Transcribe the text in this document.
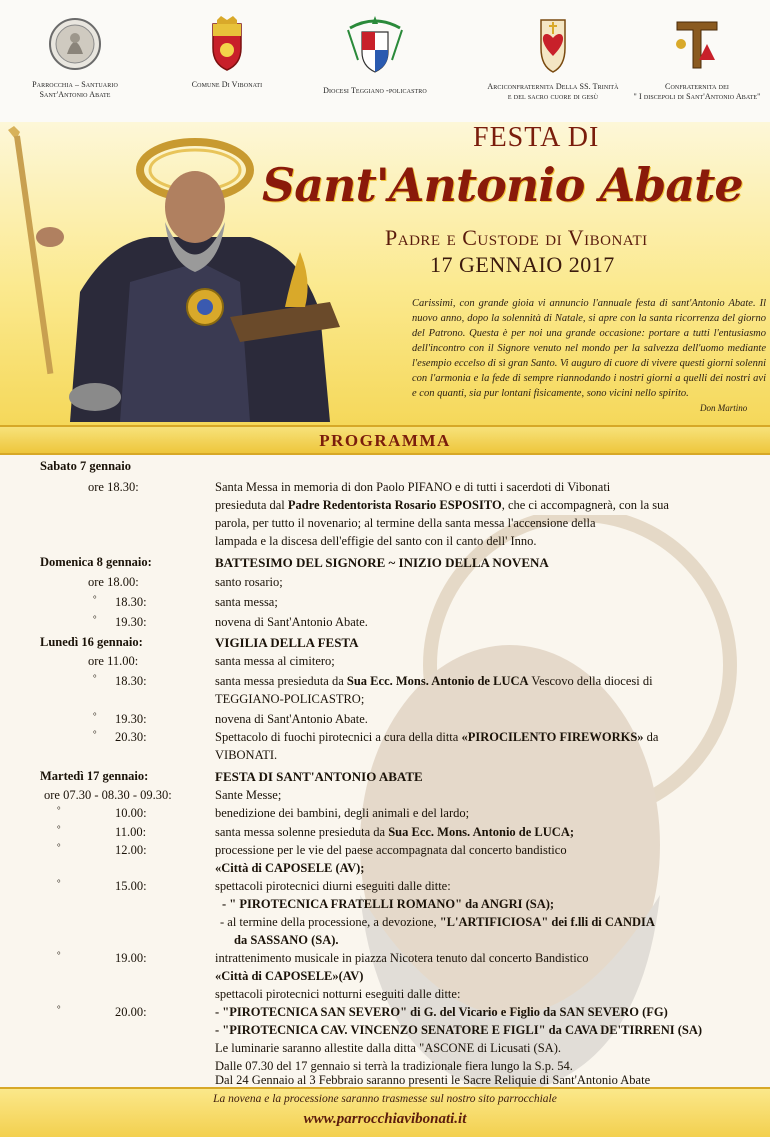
Parrocchia – Santuario
Sant'Antonio Abate
Comune Di Vibonati
Diocesi Teggiano -policastro	Arciconfraternita Della SS. Trinità
e del sacro cuore di gesù
Confraternita dei
" I discepoli di Sant'Antonio Abate"
FESTA DI
Sant'Antonio Abate
Padre e Custode di Vibonati
17 GENNAIO 2017
Carissimi, con grande gioia vi annuncio l'annuale festa di sant'Antonio Abate. Il nuovo anno, dopo la solennità di Natale, si apre con la santa ricorrenza del giorno del Patrono. Questa è per noi una grande occasione: portare a tutti l'entusiasmo dell'incontro con il Signore venuto nel mondo per la salvezza dell'uomo mediante l'esempio eccelso di sì gran Santo. Vi auguro di cuore di vivere questi giorni solenni con l'armonia e la fede di sempre riannodando i nostri giorni a quelli dei nostri avi e con quanti, sia pur lontani fisicamente, sono vicini nello spirito.
Don Martino
PROGRAMMA
Sabato 7 gennaio
ore 18.30:	Santa Messa in memoria di don Paolo PIFANO e di tutti i sacerdoti di Vibonati
presieduta dal Padre Redentorista Rosario ESPOSITO, che ci accompagnerà, con la sua
parola, per tutto il novenario; al termine della santa messa l'accensione della
lampada e la discesa dell'effigie del santo con il canto dell' Inno.
Domenica 8 gennaio:	BATTESIMO DEL SIGNORE ~ INIZIO DELLA NOVENA
ore 18.00:	santo rosario;
° 18.30:	santa messa;
° 19.30:	novena di Sant'Antonio Abate.
Lunedì 16 gennaio:	VIGILIA DELLA FESTA
ore 11.00:	santa messa al cimitero;
° 18.30:	santa messa presieduta da Sua Ecc. Mons. Antonio de LUCA Vescovo della diocesi di
TEGGIANO-POLICASTRO;
° 19.30:	novena di Sant'Antonio Abate.
° 20.30:	Spettacolo di fuochi pirotecnici a cura della ditta «PIROCILENTO FIREWORKS» da
VIBONATI.
Martedì 17 gennaio:	FESTA DI SANT'ANTONIO ABATE
ore 07.30 - 08.30 - 09.30:	Sante Messe;
°	10.00:	benedizione dei bambini, degli animali e del lardo;
°	11.00:	santa messa solenne presieduta da Sua Ecc. Mons. Antonio de LUCA;
°	12.00:	processione per le vie del paese accompagnata dal concerto bandistico
«Città di CAPOSELE (AV);
°	15.00:	spettacoli pirotecnici diurni eseguiti dalle ditte:
- " PIROTECNICA FRATELLI ROMANO" da ANGRI (SA);
- al termine della processione, a devozione, "L'ARTIFICIOSA" dei f.lli di CANDIA
da SASSANO (SA).
°	19.00:	intrattenimento musicale in piazza Nicotera tenuto dal concerto Bandistico
«Città di CAPOSELE»(AV)
spettacoli pirotecnici notturni eseguiti dalle ditte:
°	20.00:	- "PIROTECNICA SAN SEVERO" di G. del Vicario e Figlio da SAN SEVERO (FG)
- "PIROTECNICA CAV. VINCENZO SENATORE E FIGLI" da CAVA DE'TIRRENI (SA)
Le luminarie saranno allestite dalla ditta "ASCONE di Licusati (SA).
Dalle 07.30 del 17 gennaio si terrà la tradizionale fiera lungo la S.p. 54.
Dal 24 Gennaio al 3 Febbraio saranno presenti le Sacre Reliquie di Sant'Antonio Abate
La novena e la processione saranno trasmesse sul nostro sito parrocchiale
www.parrocchiavibonati.it
